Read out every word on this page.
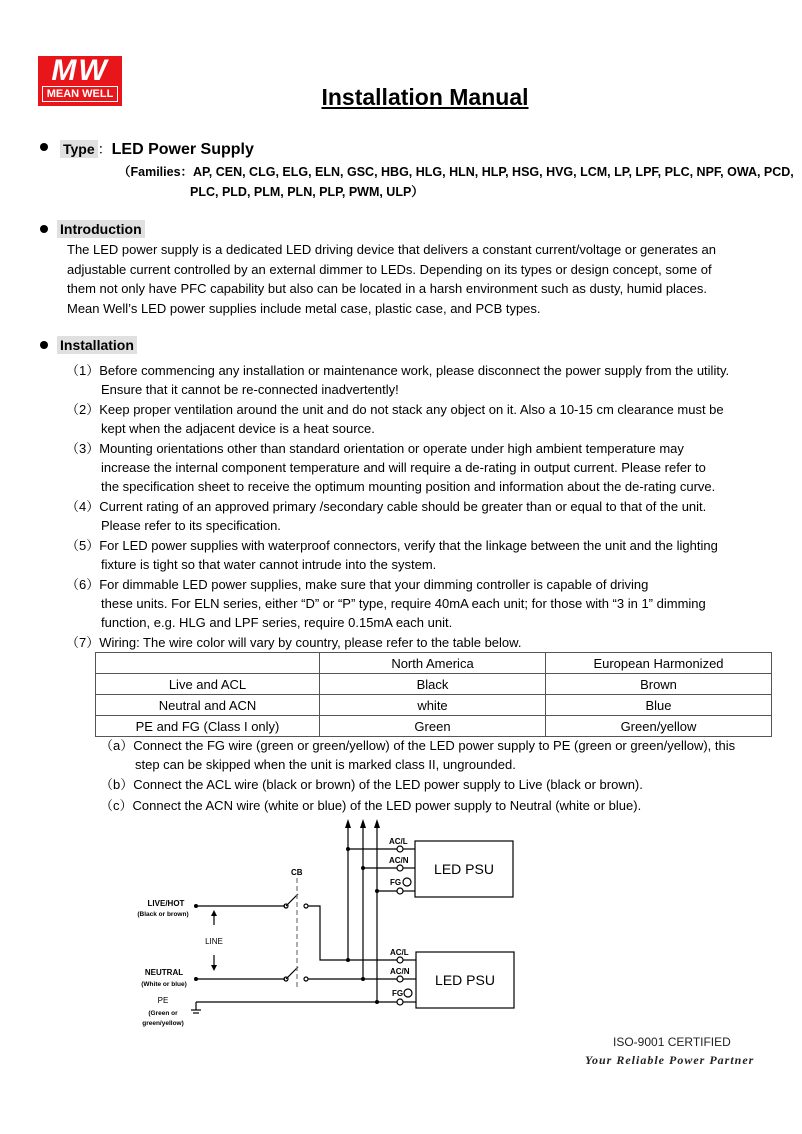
MW
MEAN WELL	Installation Manual
Type ：LED Power Supply
（Families：AP, CEN, CLG, ELG, ELN, GSC, HBG, HLG, HLN, HLP, HSG, HVG, LCM, LP, LPF, PLC, NPF, OWA, PCD,
PLC, PLD, PLM, PLN, PLP, PWM, ULP）
Introduction
The LED power supply is a dedicated LED driving device that delivers a constant current/voltage or generates an
adjustable current controlled by an external dimmer to LEDs. Depending on its types or design concept, some of
them not only have PFC capability but also can be located in a harsh environment such as dusty, humid places.
Mean Well’s LED power supplies include metal case, plastic case, and PCB types.
Installation
（1）Before commencing any installation or maintenance work, please disconnect the power supply from the utility.
Ensure that it cannot be re-connected inadvertently!
（2）Keep proper ventilation around the unit and do not stack any object on it. Also a 10-15 cm clearance must be
kept when the adjacent device is a heat source.
（3）Mounting orientations other than standard orientation or operate under high ambient temperature may
increase the internal component temperature and will require a de-rating in output current. Please refer to
the specification sheet to receive the optimum mounting position and information about the de-rating curve.
（4）Current rating of an approved primary /secondary cable should be greater than or equal to that of the unit.
Please refer to its specification.
（5）For LED power supplies with waterproof connectors, verify that the linkage between the unit and the lighting
fixture is tight so that water cannot intrude into the system.
（6）For dimmable LED power supplies, make sure that your dimming controller is capable of driving
these units. For ELN series, either “D” or “P” type, require 40mA each unit; for those with “3 in 1” dimming
function, e.g. HLG and LPF series, require 0.15mA each unit.
（7）Wiring: The wire color will vary by country, please refer to the table below.
	North America	European Harmonized
Live and ACL	Black	Brown
Neutral and ACN	white	Blue
PE and FG (Class I only)	Green	Green/yellow
（a）Connect the FG wire (green or green/yellow) of the LED power supply to PE (green or green/yellow), this
step can be skipped when the unit is marked class II, ungrounded.
（b）Connect the ACL wire (black or brown) of the LED power supply to Live (black or brown).
（c）Connect the ACN wire (white or blue) of the LED power supply to Neutral (white or blue).
CB
LIVE/HOT
(Black or brown)
LINE
NEUTRAL
(White or blue)
PE
(Green or
green/yellow)
AC/L
AC/N
FG
AC/L
AC/N
FG
LED PSU
LED PSU
ISO-9001 CERTIFIED
Your Reliable Power Partner
